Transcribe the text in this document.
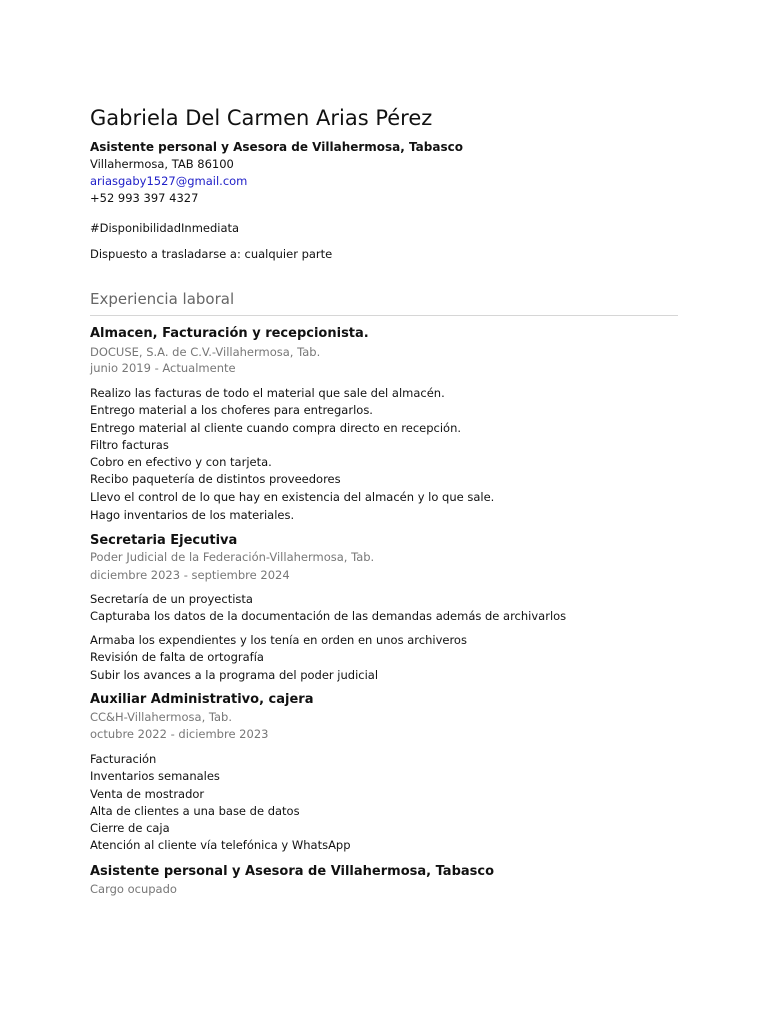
Gabriela Del Carmen Arias Pérez
Asistente personal y Asesora de Villahermosa, Tabasco
Villahermosa, TAB 86100
ariasgaby1527@gmail.com
+52 993 397 4327
#DisponibilidadInmediata
Dispuesto a trasladarse a: cualquier parte
Experiencia laboral
Almacen, Facturación y recepcionista.
DOCUSE, S.A. de C.V.-Villahermosa, Tab.
junio 2019 - Actualmente
Realizo las facturas de todo el material que sale del almacén.
Entrego material a los choferes para entregarlos.
Entrego material al cliente cuando compra directo en recepción.
Filtro facturas
Cobro en efectivo y con tarjeta.
Recibo paquetería de distintos proveedores
Llevo el control de lo que hay en existencia del almacén y lo que sale.
Hago inventarios de los materiales.
Secretaria Ejecutiva
Poder Judicial de la Federación-Villahermosa, Tab.
diciembre 2023 - septiembre 2024
Secretaría de un proyectista
Capturaba los datos de la documentación de las demandas además de archivarlos
Armaba los expendientes y los tenía en orden en unos archiveros
Revisión de falta de ortografía
Subir los avances a la programa del poder judicial
Auxiliar Administrativo, cajera
CC&H-Villahermosa, Tab.
octubre 2022 - diciembre 2023
Facturación
Inventarios semanales
Venta de mostrador
Alta de clientes a una base de datos
Cierre de caja
Atención al cliente vía telefónica y WhatsApp
Asistente personal y Asesora de Villahermosa, Tabasco
Cargo ocupado
